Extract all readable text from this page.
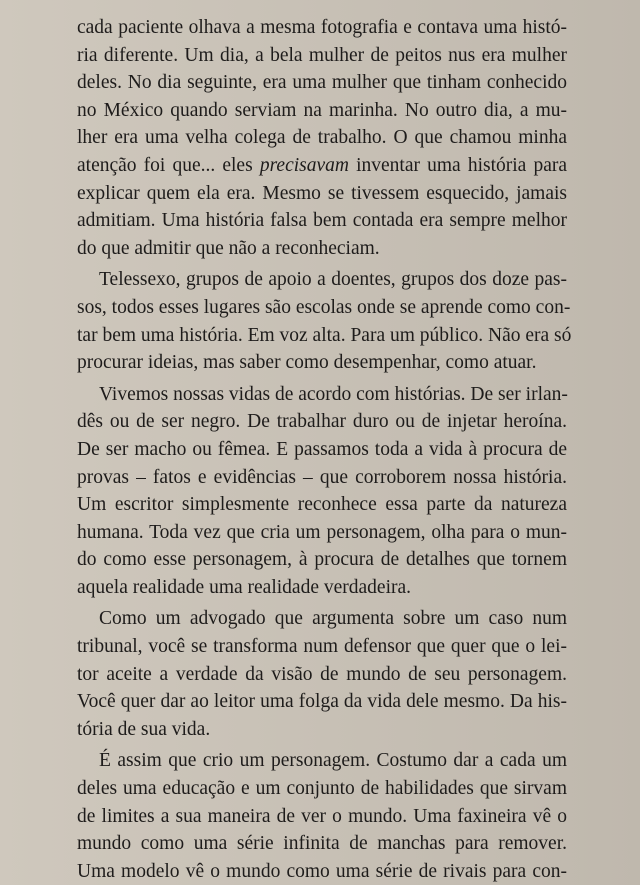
cada paciente olhava a mesma fotografia e contava uma histó-
ria diferente. Um dia, a bela mulher de peitos nus era mulher
deles. No dia seguinte, era uma mulher que tinham conhecido
no México quando serviam na marinha. No outro dia, a mu-
lher era uma velha colega de trabalho. O que chamou minha
atenção foi que... eles precisavam inventar uma história para
explicar quem ela era. Mesmo se tivessem esquecido, jamais
admitiam. Uma história falsa bem contada era sempre melhor
do que admitir que não a reconheciam.
Telessexo, grupos de apoio a doentes, grupos dos doze pas-
sos, todos esses lugares são escolas onde se aprende como con-
tar bem uma história. Em voz alta. Para um público. Não era só
procurar ideias, mas saber como desempenhar, como atuar.
Vivemos nossas vidas de acordo com histórias. De ser irlan-
dês ou de ser negro. De trabalhar duro ou de injetar heroína.
De ser macho ou fêmea. E passamos toda a vida à procura de
provas – fatos e evidências – que corroborem nossa história.
Um escritor simplesmente reconhece essa parte da natureza
humana. Toda vez que cria um personagem, olha para o mun-
do como esse personagem, à procura de detalhes que tornem
aquela realidade uma realidade verdadeira.
Como um advogado que argumenta sobre um caso num
tribunal, você se transforma num defensor que quer que o lei-
tor aceite a verdade da visão de mundo de seu personagem.
Você quer dar ao leitor uma folga da vida dele mesmo. Da his-
tória de sua vida.
É assim que crio um personagem. Costumo dar a cada um
deles uma educação e um conjunto de habilidades que sirvam
de limites a sua maneira de ver o mundo. Uma faxineira vê o
mundo como uma série infinita de manchas para remover.
Uma modelo vê o mundo como uma série de rivais para con-
